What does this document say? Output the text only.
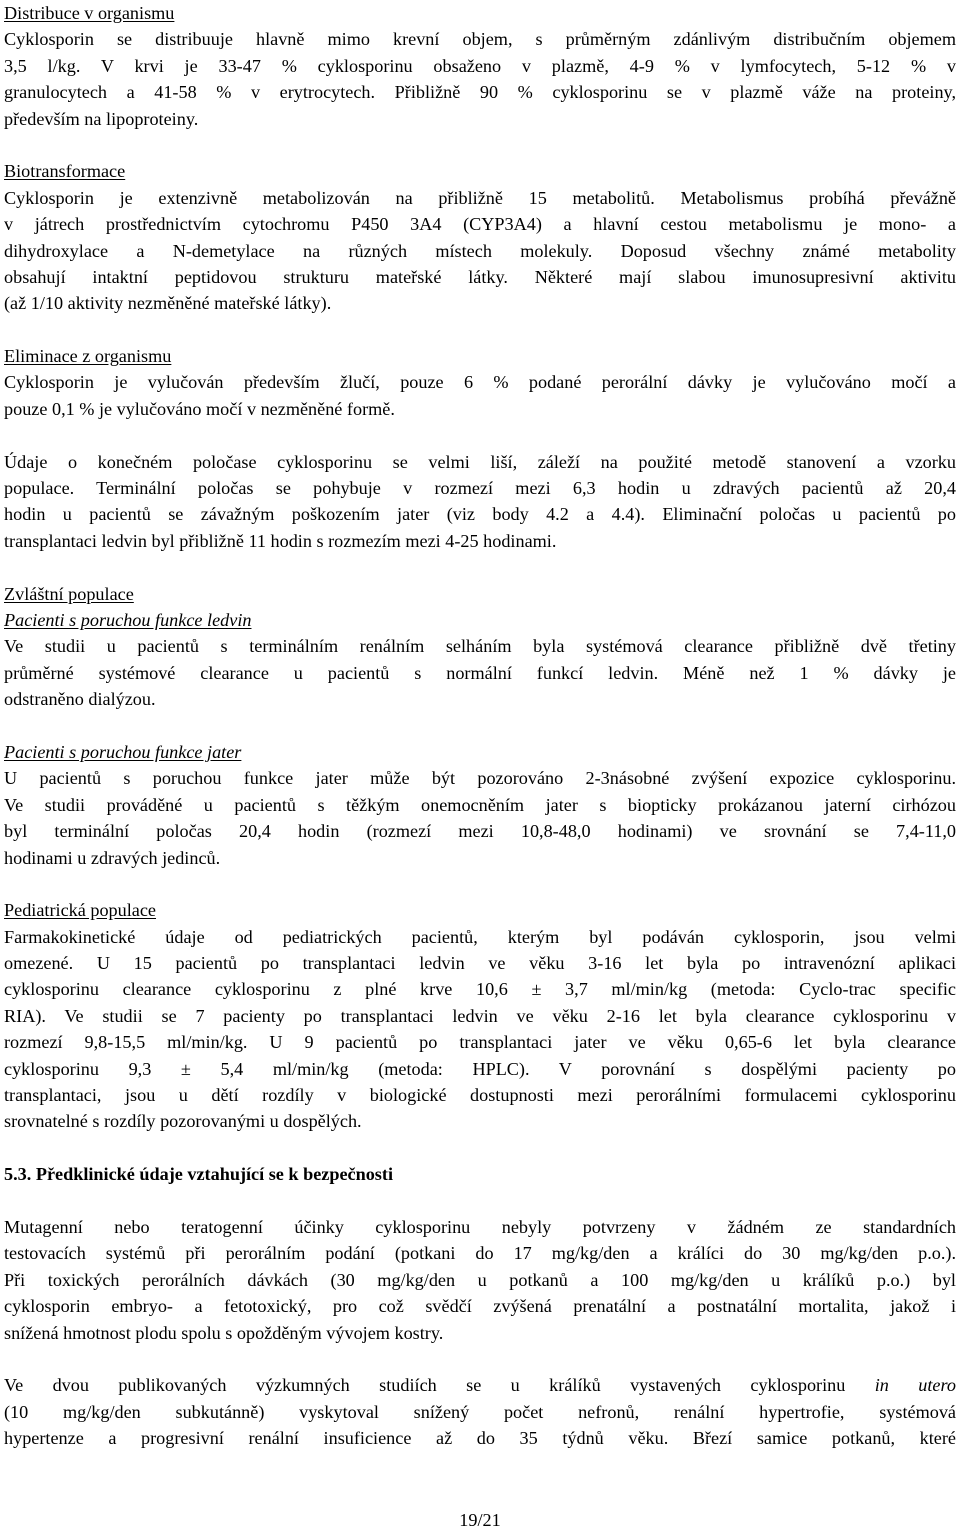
Distribuce v organismu
Cyklosporin se distribuuje hlavně mimo krevní objem, s průměrným zdánlivým distribučním objemem
3,5 l/kg. V krvi je 33-47 % cyklosporinu obsaženo v plazmě, 4-9 % v lymfocytech, 5-12 % v
granulocytech a 41-58 % v erytrocytech. Přibližně 90 % cyklosporinu se v plazmě váže na proteiny,
především na lipoproteiny.
Biotransformace
Cyklosporin je extenzivně metabolizován na přibližně 15 metabolitů. Metabolismus probíhá převážně
v játrech prostřednictvím cytochromu P450 3A4 (CYP3A4) a hlavní cestou metabolismu je mono- a
dihydroxylace a N-demetylace na různých místech molekuly. Doposud všechny známé metabolity
obsahují intaktní peptidovou strukturu mateřské látky. Některé mají slabou imunosupresivní aktivitu
(až 1/10 aktivity nezměněné mateřské látky).
Eliminace z organismu
Cyklosporin je vylučován především žlučí, pouze 6 % podané perorální dávky je vylučováno močí a
pouze 0,1 % je vylučováno močí v nezměněné formě.
Údaje o konečném poločase cyklosporinu se velmi liší, záleží na použité metodě stanovení a vzorku
populace. Terminální poločas se pohybuje v rozmezí mezi 6,3 hodin u zdravých pacientů až 20,4
hodin u pacientů se závažným poškozením jater (viz body 4.2 a 4.4). Eliminační poločas u pacientů po
transplantaci ledvin byl přibližně 11 hodin s rozmezím mezi 4-25 hodinami.
Zvláštní populace
Pacienti s poruchou funkce ledvin
Ve studii u pacientů s terminálním renálním selháním byla systémová clearance přibližně dvě třetiny
průměrné systémové clearance u pacientů s normální funkcí ledvin. Méně než 1 % dávky je
odstraněno dialýzou.
Pacienti s poruchou funkce jater
U pacientů s poruchou funkce jater může být pozorováno 2-3násobné zvýšení expozice cyklosporinu.
Ve studii prováděné u pacientů s těžkým onemocněním jater s biopticky prokázanou jaterní cirhózou
byl terminální poločas 20,4 hodin (rozmezí mezi 10,8-48,0 hodinami) ve srovnání se 7,4-11,0
hodinami u zdravých jedinců.
Pediatrická populace
Farmakokinetické údaje od pediatrických pacientů, kterým byl podáván cyklosporin, jsou velmi
omezené. U 15 pacientů po transplantaci ledvin ve věku 3-16 let byla po intravenózní aplikaci
cyklosporinu clearance cyklosporinu z plné krve 10,6 ± 3,7 ml/min/kg (metoda: Cyclo-trac specific
RIA). Ve studii se 7 pacienty po transplantaci ledvin ve věku 2-16 let byla clearance cyklosporinu v
rozmezí 9,8-15,5 ml/min/kg. U 9 pacientů po transplantaci jater ve věku 0,65-6 let byla clearance
cyklosporinu 9,3 ± 5,4 ml/min/kg (metoda: HPLC). V porovnání s dospělými pacienty po
transplantaci, jsou u dětí rozdíly v biologické dostupnosti mezi perorálními formulacemi cyklosporinu
srovnatelné s rozdíly pozorovanými u dospělých.
5.3. Předklinické údaje vztahující se k bezpečnosti
Mutagenní nebo teratogenní účinky cyklosporinu nebyly potvrzeny v žádném ze standardních
testovacích systémů při perorálním podání (potkani do 17 mg/kg/den a králíci do 30 mg/kg/den p.o.).
Při toxických perorálních dávkách (30 mg/kg/den u potkanů a 100 mg/kg/den u králíků p.o.) byl
cyklosporin embryo- a fetotoxický, pro což svědčí zvýšená prenatální a postnatální mortalita, jakož i
snížená hmotnost plodu spolu s opožděným vývojem kostry.
Ve dvou publikovaných výzkumných studiích se u králíků vystavených cyklosporinu in utero
(10 mg/kg/den subkutánně) vyskytoval snížený počet nefronů, renální hypertrofie, systémová
hypertenze a progresivní renální insuficience až do 35 týdnů věku. Březí samice potkanů, které
19/21
